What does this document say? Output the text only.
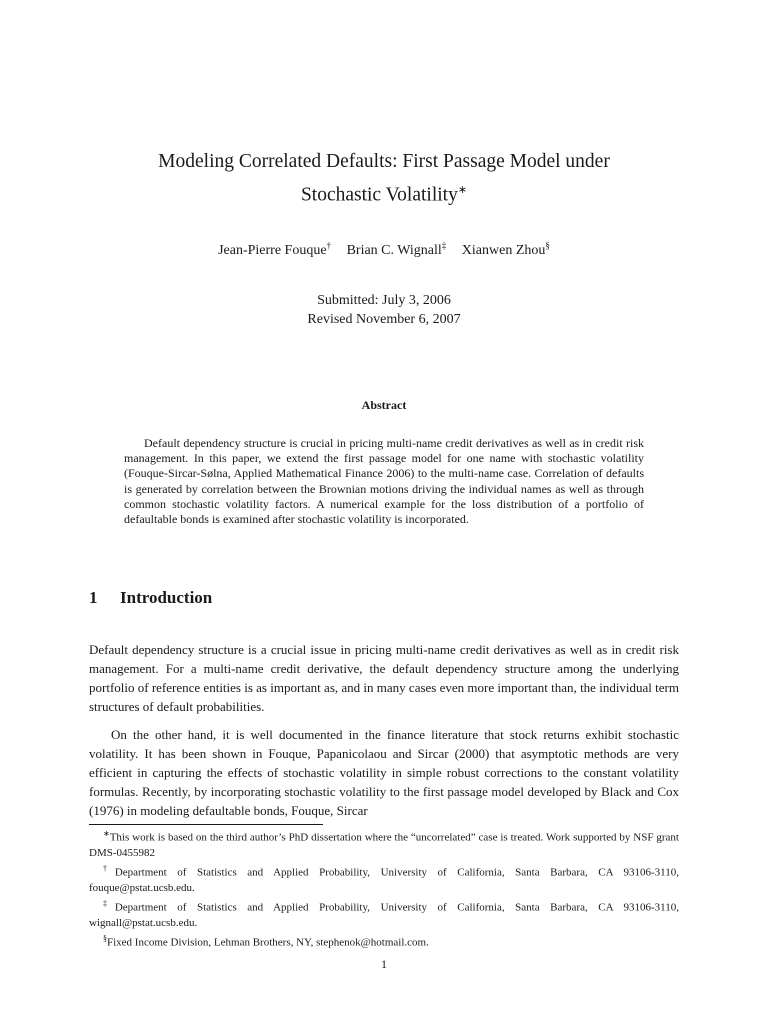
Modeling Correlated Defaults: First Passage Model under
Stochastic Volatility∗
Jean-Pierre Fouque† Brian C. Wignall‡ Xianwen Zhou§
Submitted: July 3, 2006
Revised November 6, 2007
Abstract
Default dependency structure is crucial in pricing multi-name credit derivatives as well as in credit risk management. In this paper, we extend the first passage model for one name with stochastic volatility (Fouque-Sircar-Sølna, Applied Mathematical Finance 2006) to the multi-name case. Correlation of defaults is generated by correlation between the Brownian motions driving the individual names as well as through common stochastic volatility factors. A numerical example for the loss distribution of a portfolio of defaultable bonds is examined after stochastic volatility is incorporated.
1 Introduction
Default dependency structure is a crucial issue in pricing multi-name credit derivatives as well as in credit risk management. For a multi-name credit derivative, the default dependency structure among the underlying portfolio of reference entities is as important as, and in many cases even more important than, the individual term structures of default probabilities.
On the other hand, it is well documented in the finance literature that stock returns exhibit stochastic volatility. It has been shown in Fouque, Papanicolaou and Sircar (2000) that asymptotic methods are very efficient in capturing the effects of stochastic volatility in simple robust corrections to the constant volatility formulas. Recently, by incorporating stochastic volatility to the first passage model developed by Black and Cox (1976) in modeling defaultable bonds, Fouque, Sircar
∗This work is based on the third author’s PhD dissertation where the “uncorrelated” case is treated. Work supported by NSF grant DMS-0455982
†Department of Statistics and Applied Probability, University of California, Santa Barbara, CA 93106-3110, fouque@pstat.ucsb.edu.
‡Department of Statistics and Applied Probability, University of California, Santa Barbara, CA 93106-3110, wignall@pstat.ucsb.edu.
§Fixed Income Division, Lehman Brothers, NY, stephenok@hotmail.com.
1
